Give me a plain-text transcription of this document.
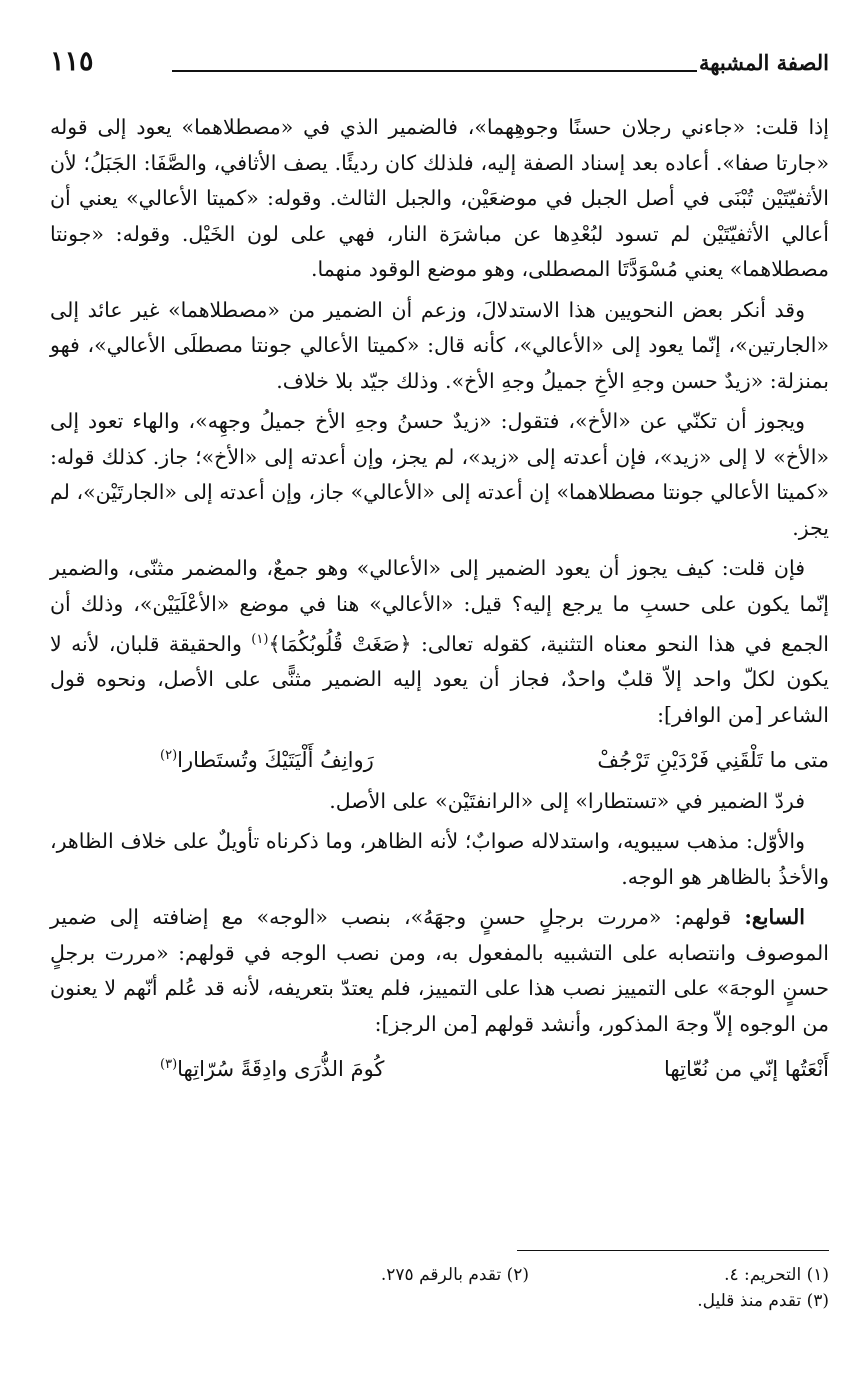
الصفة المشبهة
١١٥

إذا قلت: «جاءني رجلان حسنًا وجوهِهما»، فالضمير الذي في «مصطلاهما» يعود إلى قوله «جارتا صفا». أعاده بعد إسناد الصفة إليه، فلذلك كان رديئًا. يصف الأثافي، والصَّفَا: الجَبَلُ؛ لأن الأثفيّتَيْن تُبْنَى في أصل الجبل في موضعَيْن، والجبل الثالث. وقوله: «كميتا الأعالي» يعني أن أعالي الأثفيّتَيْن لم تسود لبُعْدِها عن مباشرَة النار، فهي على لون الخَيْل. وقوله: «جونتا مصطلاهما» يعني مُسْوَدَّتَا المصطلى، وهو موضع الوقود منهما.

وقد أنكر بعض النحويين هذا الاستدلالَ، وزعم أن الضمير من «مصطلاهما» غير عائد إلى «الجارتين»، إنّما يعود إلى «الأعالي»، كأنه قال: «كميتا الأعالي جونتا مصطلَى الأعالي»، فهو بمنزلة: «زيدٌ حسن وجهِ الأخِ جميلُ وجهِ الأخ». وذلك جيّد بلا خلاف.

ويجوز أن تكنّي عن «الأخ»، فتقول: «زيدٌ حسنُ وجهِ الأخ جميلُ وجهِه»، والهاء تعود إلى «الأخ» لا إلى «زيد»، فإن أعدته إلى «زيد»، لم يجز، وإن أعدته إلى «الأخ»؛ جاز. كذلك قوله: «كميتا الأعالي جونتا مصطلاهما» إن أعدته إلى «الأعالي» جاز، وإن أعدته إلى «الجارتَيْن»، لم يجز.

فإن قلت: كيف يجوز أن يعود الضمير إلى «الأعالي» وهو جمعٌ، والمضمر مثنّى، والضمير إنّما يكون على حسبِ ما يرجع إليه؟ قيل: «الأعالي» هنا في موضع «الأعْلَيَيْن»، وذلك أن الجمع في هذا النحو معناه التثنية، كقوله تعالى: ﴿صَغَتْ قُلُوبُكُمَا﴾$^{(١)}$ والحقيقة قلبان، لأنه لا يكون لكلّ واحد إلاّ قلبٌ واحدٌ، فجاز أن يعود إليه الضمير مثنًّى على الأصل، ونحوه قول الشاعر [من الوافر]:

متى ما تَلْقَنِي فَرْدَيْنِ تَرْجُفْ
رَوانِفُ أَلْيَتَيْكَ وتُستَطارا$^{(٢)}$

فردّ الضمير في «تستطارا» إلى «الرانفتَيْن» على الأصل.

والأوّل: مذهب سيبويه، واستدلاله صوابٌ؛ لأنه الظاهر، وما ذكرناه تأويلٌ على خلاف الظاهر، والأخذُ بالظاهر هو الوجه.

السابع: قولهم: «مررت برجلٍ حسنٍ وجهَهُ»، بنصب «الوجه» مع إضافته إلى ضمير الموصوف وانتصابه على التشبيه بالمفعول به، ومن نصب الوجه في قولهم: «مررت برجلٍ حسنٍ الوجهَ» على التمييز نصب هذا على التمييز، فلم يعتدّ بتعريفه، لأنه قد عُلم أنّهم لا يعنون من الوجوه إلاّ وجهَ المذكور، وأنشد قولهم [من الرجز]:

أَنْعَتُها إنّي من نُعّاتِها
كُومَ الذُّرَى وادِقَةً سُرّاتِها$^{(٣)}$
(١) التحريم: ٤.
(٢) تقدم بالرقم ٢٧٥.
(٣) تقدم منذ قليل.
